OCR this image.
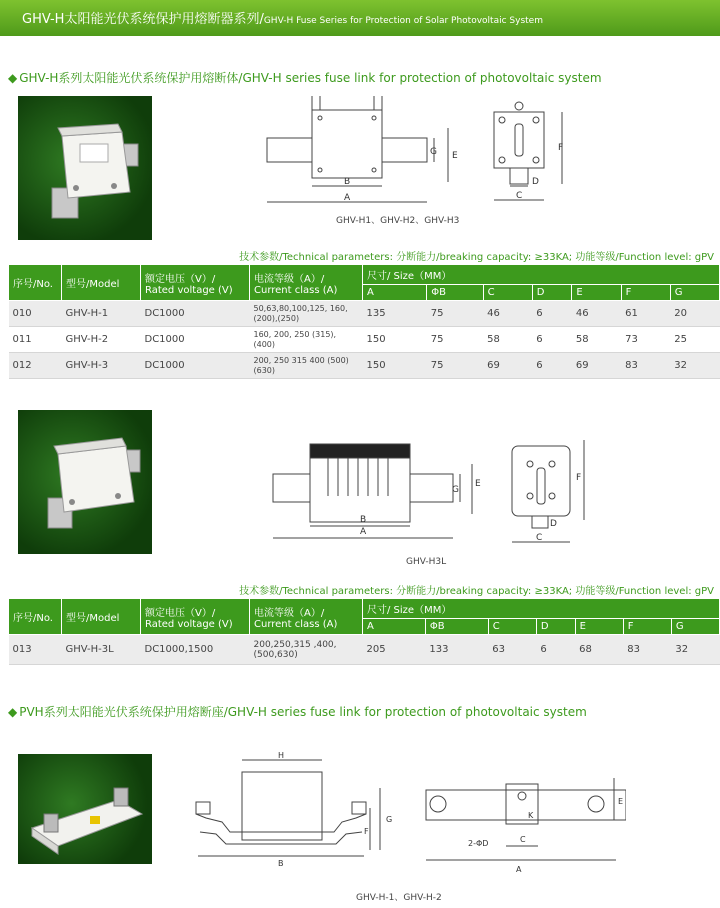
GHV-H太阳能光伏系统保护用熔断器系列/GHV-H Fuse Series for Protection of Solar Photovoltaic System
◆ GHV-H系列太阳能光伏系统保护用熔断体/GHV-H series fuse link for protection of photovoltaic system
B
A
G E
F
D
C
GHV-H1、GHV-H2、GHV-H3
技术参数/Technical parameters: 分断能力/breaking capacity: ≥33KA; 功能等级/Function level: gPV
序号/No.	型号/Model	额定电压（V）/ Rated voltage (V)	电流等级（A）/ Current class (A)	尺寸/ Size（MM）						
				A	ΦB	C	D	E	F	G
010	GHV-H-1	DC1000	50,63,80,100,125, 160,(200),(250)	135	75	46	6	46	61	20
011	GHV-H-2	DC1000	160, 200, 250 (315), (400)	150	75	58	6	58	73	25
012	GHV-H-3	DC1000	200, 250 315 400 (500) (630)	150	75	69	6	69	83	32
B
A
G
E
F
D
C
GHV-H3L
技术参数/Technical parameters: 分断能力/breaking capacity: ≥33KA; 功能等级/Function level: gPV
序号/No.	型号/Model	额定电压（V）/ Rated voltage (V)	电流等级（A）/ Current class (A)	尺寸/ Size（MM）						
				A	ΦB	C	D	E	F	G
013	GHV-H-3L	DC1000,1500	200,250,315 ,400, (500,630)	205	133	63	6	68	83	32
◆ PVH系列太阳能光伏系统保护用熔断座/GHV-H series fuse link for protection of photovoltaic system
H
G
F
B
K
C
A
E
2-ΦD
GHV-H-1、GHV-H-2
